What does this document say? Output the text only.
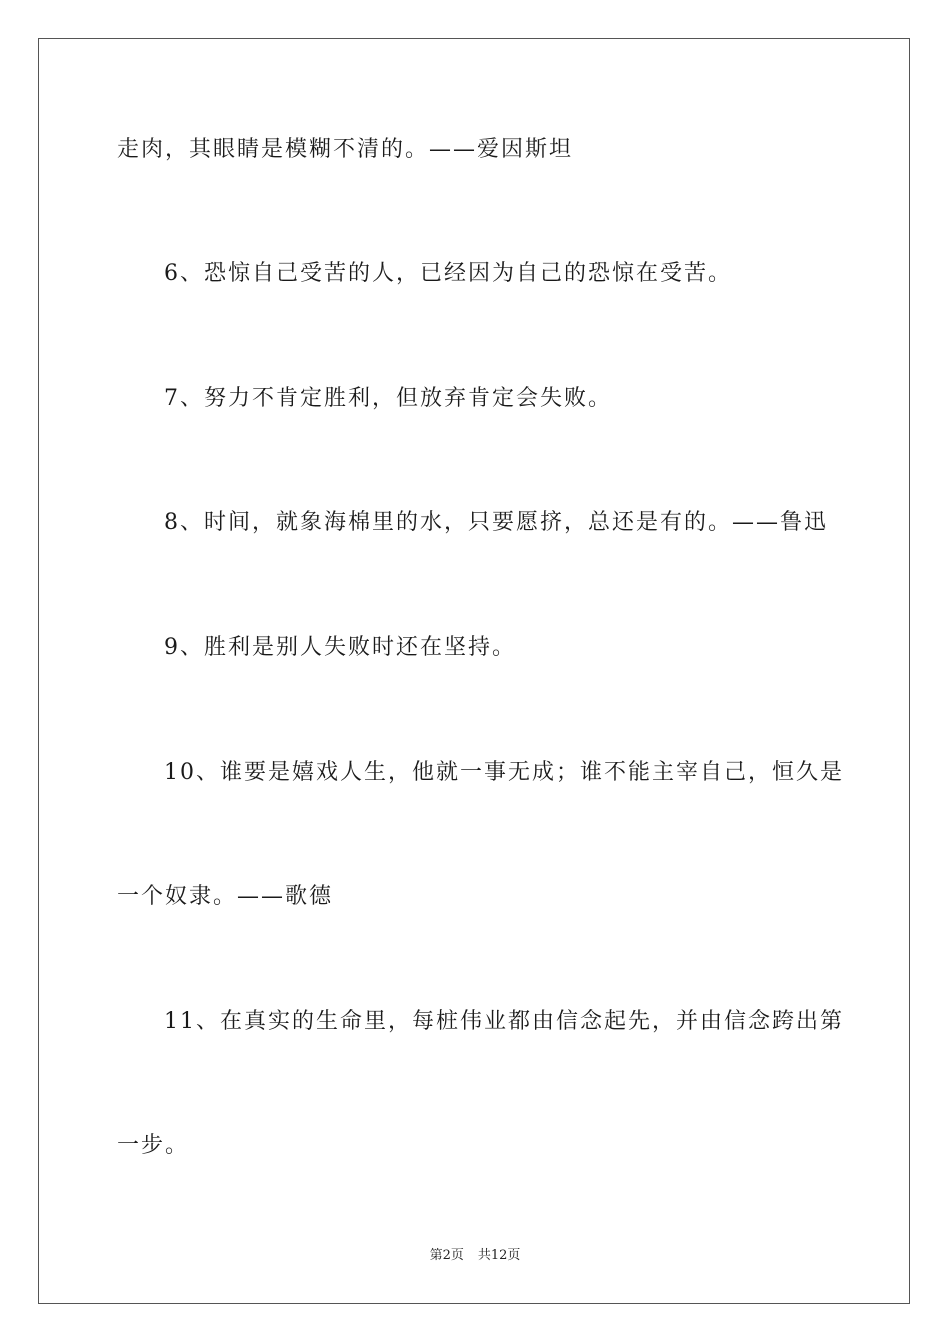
走肉，其眼睛是模糊不清的。——爱因斯坦
6、恐惊自己受苦的人，已经因为自己的恐惊在受苦。
7、努力不肯定胜利，但放弃肯定会失败。
8、时间，就象海棉里的水，只要愿挤，总还是有的。——鲁迅
9、胜利是别人失败时还在坚持。
10、谁要是嬉戏人生，他就一事无成；谁不能主宰自己，恒久是
一个奴隶。——歌德
11、在真实的生命里，每桩伟业都由信念起先，并由信念跨出第
一步。
第2页 共12页
